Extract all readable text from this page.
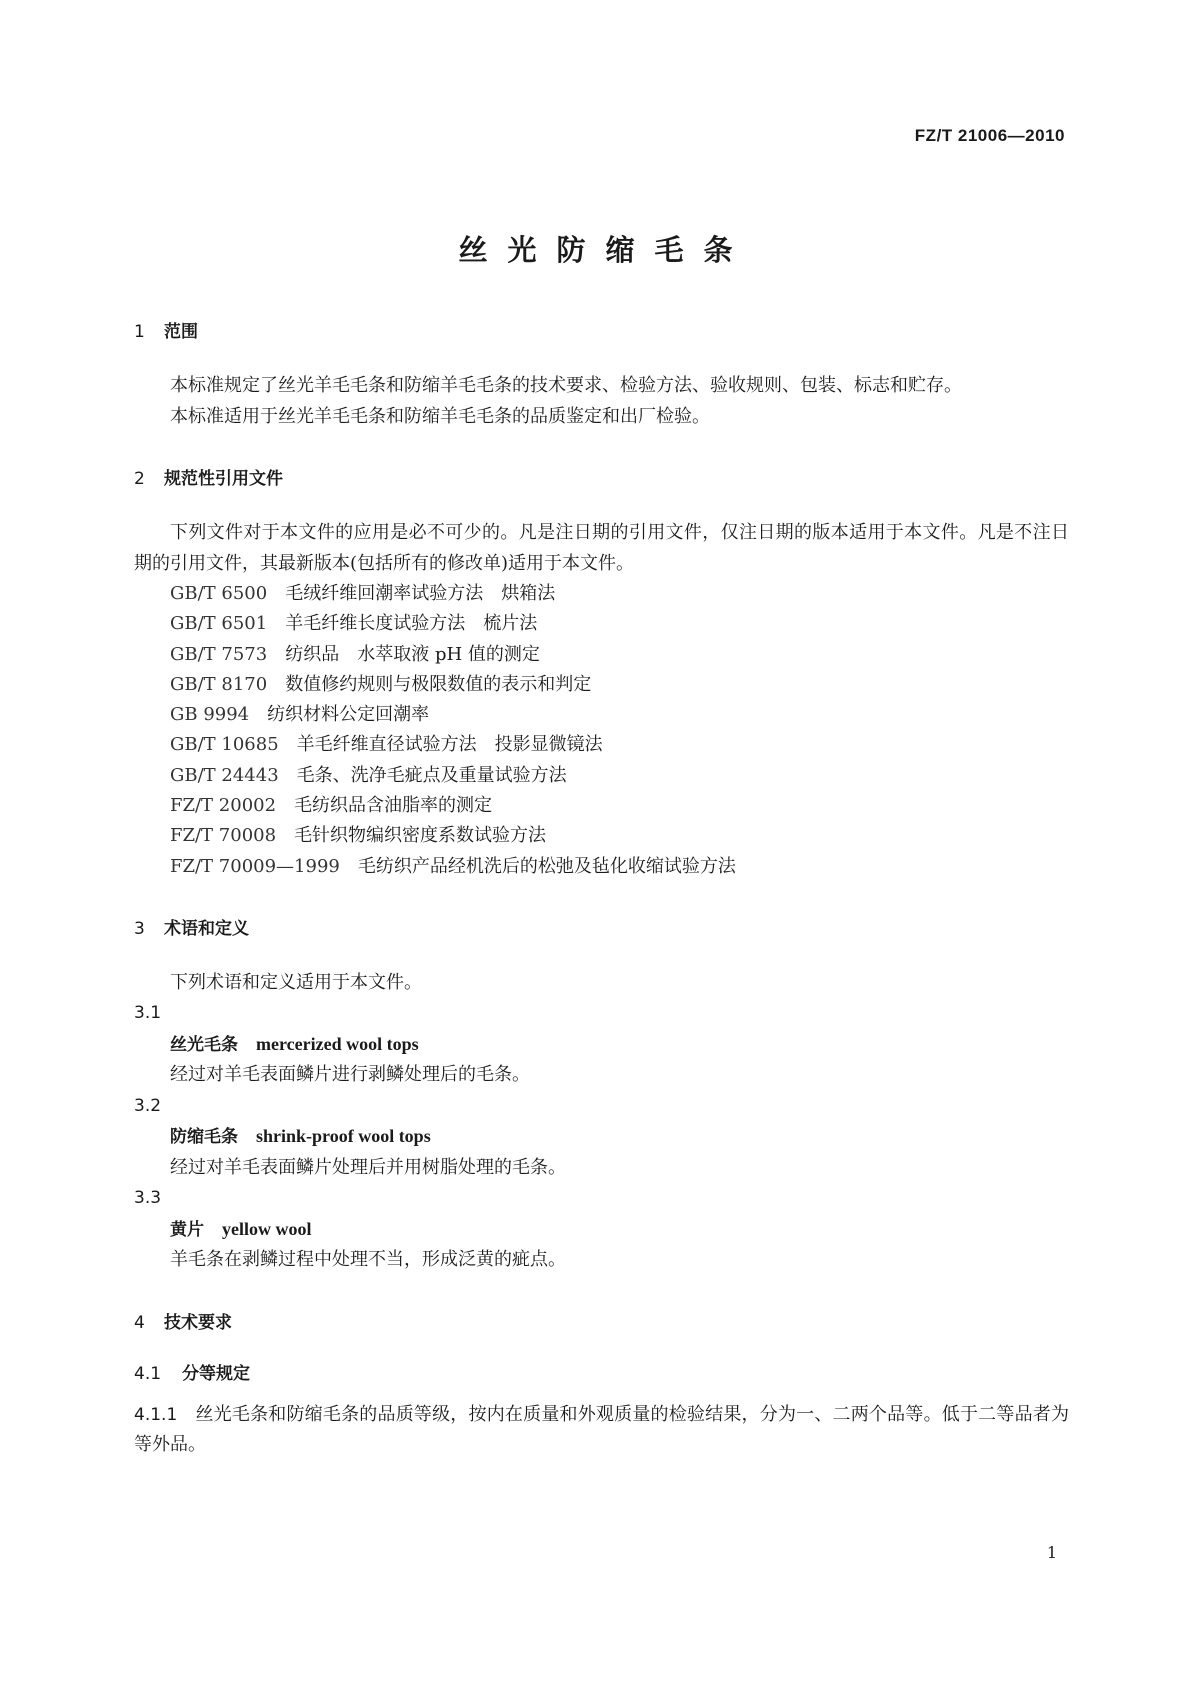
FZ/T 21006—2010
丝光防缩毛条
1	范围

本标准规定了丝光羊毛毛条和防缩羊毛毛条的技术要求、检验方法、验收规则、包装、标志和贮存。

本标准适用于丝光羊毛毛条和防缩羊毛毛条的品质鉴定和出厂检验。

2	规范性引用文件

下列文件对于本文件的应用是必不可少的。凡是注日期的引用文件，仅注日期的版本适用于本文件。凡是不注日期的引用文件，其最新版本(包括所有的修改单)适用于本文件。

GB/T 6500　 毛绒纤维回潮率试验方法　烘箱法
GB/T 6501　 羊毛纤维长度试验方法　梳片法
GB/T 7573　 纺织品　水萃取液 pH 值的测定
GB/T 8170　 数值修约规则与极限数值的表示和判定
GB 9994　 纺织材料公定回潮率
GB/T 10685　 羊毛纤维直径试验方法　投影显微镜法
GB/T 24443　 毛条、洗净毛疵点及重量试验方法
FZ/T 20002　 毛纺织品含油脂率的测定
FZ/T 70008　 毛针织物编织密度系数试验方法
FZ/T 70009—1999　 毛纺织产品经机洗后的松弛及毡化收缩试验方法
3	术语和定义

下列术语和定义适用于本文件。

3.1
丝光毛条 mercerized wool tops
经过对羊毛表面鳞片进行剥鳞处理后的毛条。
3.2
防缩毛条 shrink-proof wool tops
经过对羊毛表面鳞片处理后并用树脂处理的毛条。
3.3
黄片 yellow wool
羊毛条在剥鳞过程中处理不当，形成泛黄的疵点。
4	技术要求
4.1	分等规定

4.1.1 丝光毛条和防缩毛条的品质等级，按内在质量和外观质量的检验结果，分为一、二两个品等。低于二等品者为等外品。

1
